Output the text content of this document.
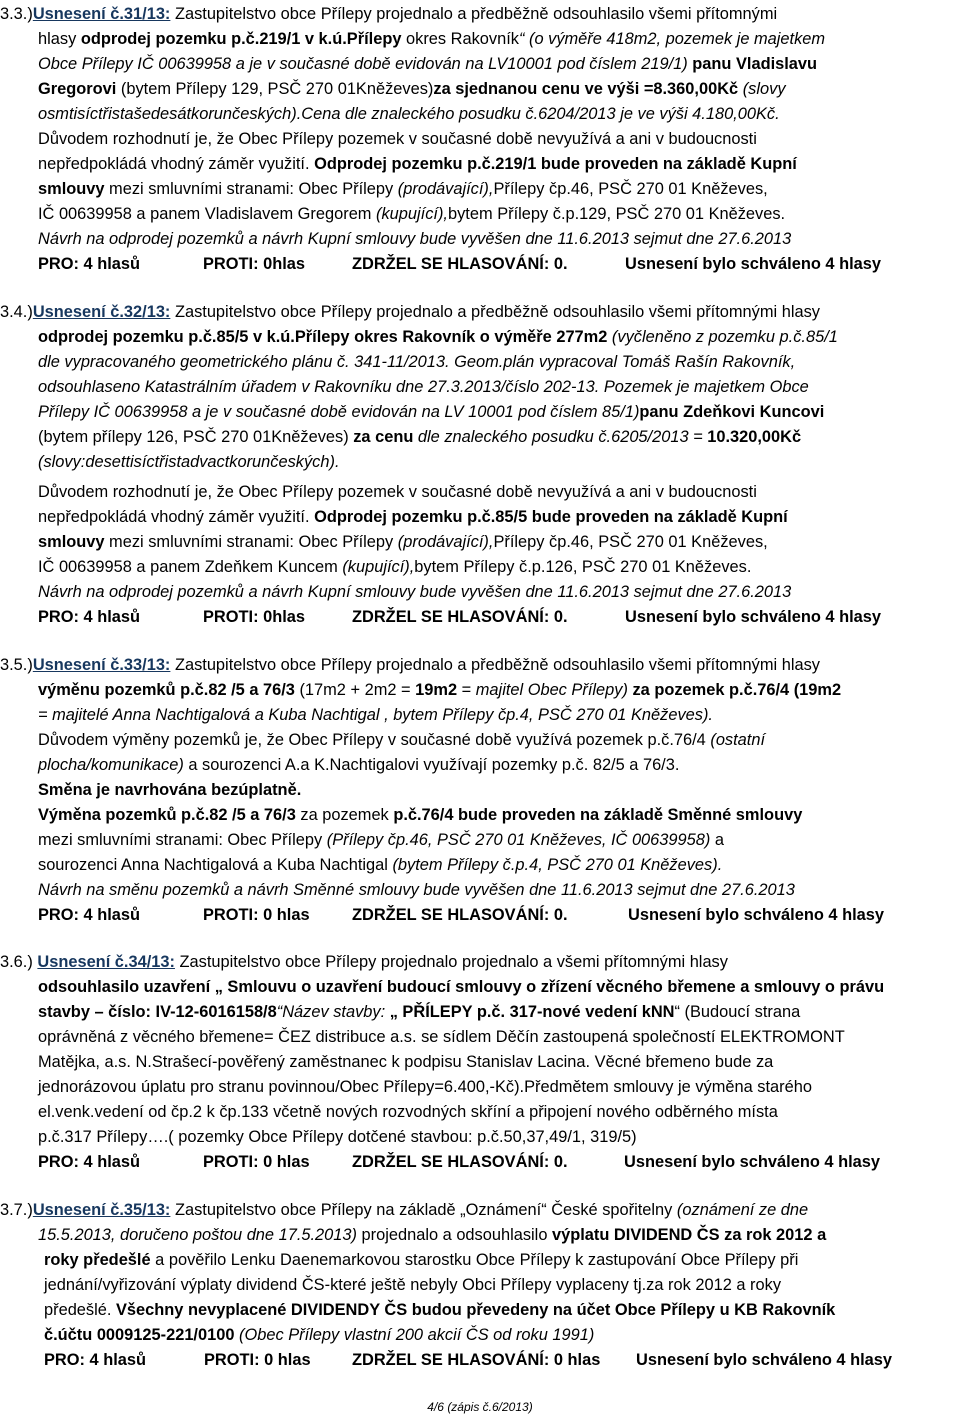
3.3.)Usnesení č.31/13: Zastupitelstvo obce Přílepy projednalo a předběžně odsouhlasilo všemi přítomnými
hlasy odprodej pozemku p.č.219/1 v k.ú.Přílepy okres Rakovník“ (o výměře 418m2, pozemek je majetkem
Obce Přílepy IČ 00639958 a je v současné době evidován na LV10001 pod číslem 219/1) panu Vladislavu
Gregorovi (bytem Přílepy 129, PSČ 270 01Kněževes)za sjednanou cenu ve výši =8.360,00Kč (slovy
osmtisíctřistašedesátkorunčeských).Cena dle znaleckého posudku č.6204/2013 je ve výši 4.180,00Kč.
Důvodem rozhodnutí je, že Obec Přílepy pozemek v současné době nevyužívá a ani v budoucnosti
nepředpokládá vhodný záměr využití. Odprodej pozemku p.č.219/1 bude proveden na základě Kupní
smlouvy mezi smluvními stranami: Obec Přílepy (prodávající),Přílepy čp.46, PSČ 270 01 Kněževes,
IČ 00639958 a panem Vladislavem Gregorem (kupující),bytem Přílepy č.p.129, PSČ 270 01 Kněževes.
Návrh na odprodej pozemků a návrh Kupní smlouvy bude vyvěšen dne 11.6.2013 sejmut dne 27.6.2013
PRO: 4 hlasů	PROTI: 0hlas	ZDRŽEL SE HLASOVÁNÍ: 0.	Usnesení bylo schváleno 4 hlasy
3.4.)Usnesení č.32/13: Zastupitelstvo obce Přílepy projednalo a předběžně odsouhlasilo všemi přítomnými hlasy
odprodej pozemku p.č.85/5 v k.ú.Přílepy okres Rakovník o výměře 277m2 (vyčleněno z pozemku p.č.85/1
dle vypracovaného geometrického plánu č. 341-11/2013. Geom.plán vypracoval Tomáš Rašín Rakovník,
odsouhlaseno Katastrálním úřadem v Rakovníku dne 27.3.2013/číslo 202-13. Pozemek je majetkem Obce
Přílepy IČ 00639958 a je v současné době evidován na LV 10001 pod číslem 85/1)panu Zdeňkovi Kuncovi
(bytem přílepy 126, PSČ 270 01Kněževes) za cenu dle znaleckého posudku č.6205/2013 = 10.320,00Kč
(slovy:desettisíctřistadvactkorunčeských).
Důvodem rozhodnutí je, že Obec Přílepy pozemek v současné době nevyužívá a ani v budoucnosti
nepředpokládá vhodný záměr využití. Odprodej pozemku p.č.85/5 bude proveden na základě Kupní
smlouvy mezi smluvními stranami: Obec Přílepy (prodávající),Přílepy čp.46, PSČ 270 01 Kněževes,
IČ 00639958 a panem Zdeňkem Kuncem (kupující),bytem Přílepy č.p.126, PSČ 270 01 Kněževes.
Návrh na odprodej pozemků a návrh Kupní smlouvy bude vyvěšen dne 11.6.2013 sejmut dne 27.6.2013
PRO: 4 hlasů	PROTI: 0hlas	ZDRŽEL SE HLASOVÁNÍ: 0.	Usnesení bylo schváleno 4 hlasy
3.5.)Usnesení č.33/13: Zastupitelstvo obce Přílepy projednalo a předběžně odsouhlasilo všemi přítomnými hlasy
výměnu pozemků p.č.82 /5 a 76/3 (17m2 + 2m2 = 19m2 = majitel Obec Přílepy) za pozemek p.č.76/4 (19m2
= majitelé Anna Nachtigalová a Kuba Nachtigal , bytem Přílepy čp.4, PSČ 270 01 Kněževes).
Důvodem výměny pozemků je, že Obec Přílepy v současné době využívá pozemek p.č.76/4 (ostatní
plocha/komunikace) a sourozenci A.a K.Nachtigalovi využívají pozemky p.č. 82/5 a 76/3.
Směna je navrhována bezúplatně.
Výměna pozemků p.č.82 /5 a 76/3 za pozemek p.č.76/4 bude proveden na základě Směnné smlouvy
mezi smluvními stranami: Obec Přílepy (Přílepy čp.46, PSČ 270 01 Kněževes, IČ 00639958) a
sourozenci Anna Nachtigalová a Kuba Nachtigal (bytem Přílepy č.p.4, PSČ 270 01 Kněževes).
Návrh na směnu pozemků a návrh Směnné smlouvy bude vyvěšen dne 11.6.2013 sejmut dne 27.6.2013
PRO: 4 hlasů	PROTI: 0 hlas	ZDRŽEL SE HLASOVÁNÍ: 0.	Usnesení bylo schváleno 4 hlasy
3.6.) Usnesení č.34/13: Zastupitelstvo obce Přílepy projednalo projednalo a všemi přítomnými hlasy
odsouhlasilo uzavření „ Smlouvu o uzavření budoucí smlouvy o zřízení věcného břemene a smlouvy o právu
stavby – číslo: IV-12-6016158/8“Název stavby: „ PŘÍLEPY p.č. 317-nové vedení kNN“ (Budoucí strana
oprávněná z věcného břemene= ČEZ distribuce a.s. se sídlem Děčín zastoupená společností ELEKTROMONT
Matějka, a.s. N.Strašecí-pověřený zaměstnanec k podpisu Stanislav Lacina. Věcné břemeno bude za
jednorázovou úplatu pro stranu povinnou/Obec Přílepy=6.400,-Kč).Předmětem smlouvy je výměna starého
el.venk.vedení od čp.2 k čp.133 včetně nových rozvodných skříní a připojení nového odběrného místa
p.č.317 Přílepy….( pozemky Obce Přílepy dotčené stavbou: p.č.50,37,49/1, 319/5)
PRO: 4 hlasů	PROTI: 0 hlas	ZDRŽEL SE HLASOVÁNÍ: 0.	Usnesení bylo schváleno 4 hlasy
3.7.)Usnesení č.35/13: Zastupitelstvo obce Přílepy na základě „Oznámení“ České spořitelny (oznámení ze dne
15.5.2013, doručeno poštou dne 17.5.2013) projednalo a odsouhlasilo výplatu DIVIDEND ČS za rok 2012 a
roky předešlé a pověřilo Lenku Daenemarkovou starostku Obce Přílepy k zastupování Obce Přílepy při
jednání/vyřizování výplaty dividend ČS-které ještě nebyly Obci Přílepy vyplaceny tj.za rok 2012 a roky
předešlé. Všechny nevyplacené DIVIDENDY ČS budou převedeny na účet Obce Přílepy u KB Rakovník
č.účtu 0009125-221/0100 (Obec Přílepy vlastní 200 akcií ČS od roku 1991)
PRO: 4 hlasů	PROTI: 0 hlas	ZDRŽEL SE HLASOVÁNÍ: 0 hlas Usnesení bylo schváleno 4 hlasy
4/6 (zápis č.6/2013)
